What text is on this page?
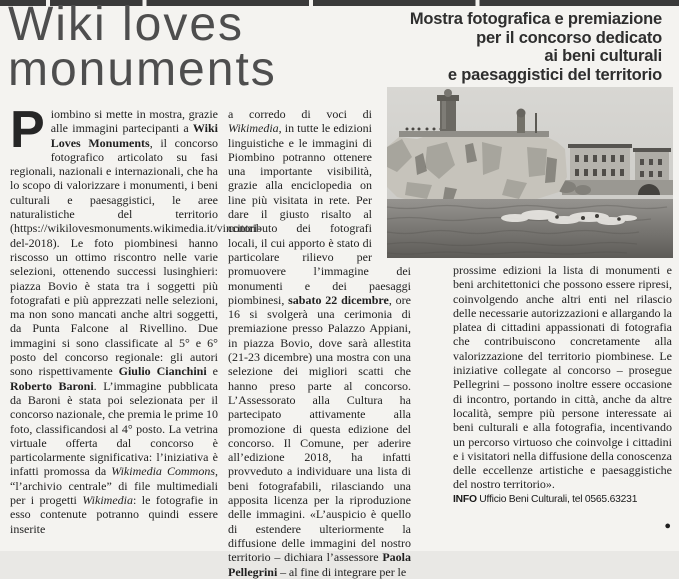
Wiki loves
monuments
Mostra fotografica e premiazione
per il concorso dedicato
ai beni culturali
e paesaggistici del territorio
Piombino si mette in mostra, grazie alle immagini partecipanti a Wiki Loves Monuments, il concorso fotografico articolato su fasi regionali, nazionali e internazionali, che ha lo scopo di valorizzare i monumenti, i beni culturali e paesaggistici, le aree naturalistiche del territorio (https://wikilovesmonuments.wikimedia.it/vincitori-del-2018). Le foto piombinesi hanno riscosso un ottimo riscontro nelle varie selezioni, ottenendo successi lusinghieri: piazza Bovio è stata tra i soggetti più fotografati e più apprezzati nelle selezioni, ma non sono mancati anche altri soggetti, da Punta Falcone al Rivellino. Due immagini si sono classificate al 5° e 6° posto del concorso regionale: gli autori sono rispettivamente Giulio Cianchini e Roberto Baroni. L’immagine pubblicata da Baroni è stata poi selezionata per il concorso nazionale, che premia le prime 10 foto, classificandosi al 4° posto. La vetrina virtuale offerta dal concorso è particolarmente significativa: l’iniziativa è infatti promossa da Wikimedia Commons, “l’archivio centrale” di file multimediali per i progetti Wikimedia: le fotografie in esso contenute potranno quindi essere inserite
a corredo di voci di Wikimedia, in tutte le edizioni linguistiche e le immagini di Piombino potranno ottenere una importante visibilità, grazie alla enciclopedia on line più visitata in rete. Per dare il giusto risalto al contributo dei fotografi locali, il cui apporto è stato di particolare rilievo per promuovere l’immagine dei monumenti e dei paesaggi piombinesi, sabato 22 dicembre, ore 16 si svolgerà una cerimonia di premiazione presso Palazzo Appiani, in piazza Bovio, dove sarà allestita (21-23 dicembre) una mostra con una selezione dei migliori scatti che hanno preso parte al concorso. L’Assessorato alla Cultura ha partecipato attivamente alla promozione di questa edizione del concorso. Il Comune, per aderire all’edizione 2018, ha infatti provveduto a individuare una lista di beni fotografabili, rilasciando una apposita licenza per la riproduzione delle immagini. «L’auspicio è quello di estendere ulteriormente la diffusione delle immagini del nostro territorio – dichiara l’assessore Paola Pellegrini – al fine di integrare per le
prossime edizioni la lista di monumenti e beni architettonici che possono essere ripresi, coinvolgendo anche altri enti nel rilascio delle necessarie autorizzazioni e allargando la platea di cittadini appassionati di fotografia che contribuiscono concretamente alla valorizzazione del territorio piombinese. Le iniziative collegate al concorso – prosegue Pellegrini – possono inoltre essere occasione di incontro, portando in città, anche da altre località, sempre più persone interessate ai beni culturali e alla fotografia, incentivando un percorso virtuoso che coinvolge i cittadini e i visitatori nella diffusione della conoscenza delle eccellenze artistiche e paesaggistiche del nostro territorio».
●
INFO Ufficio Beni Culturali, tel 0565.63231
